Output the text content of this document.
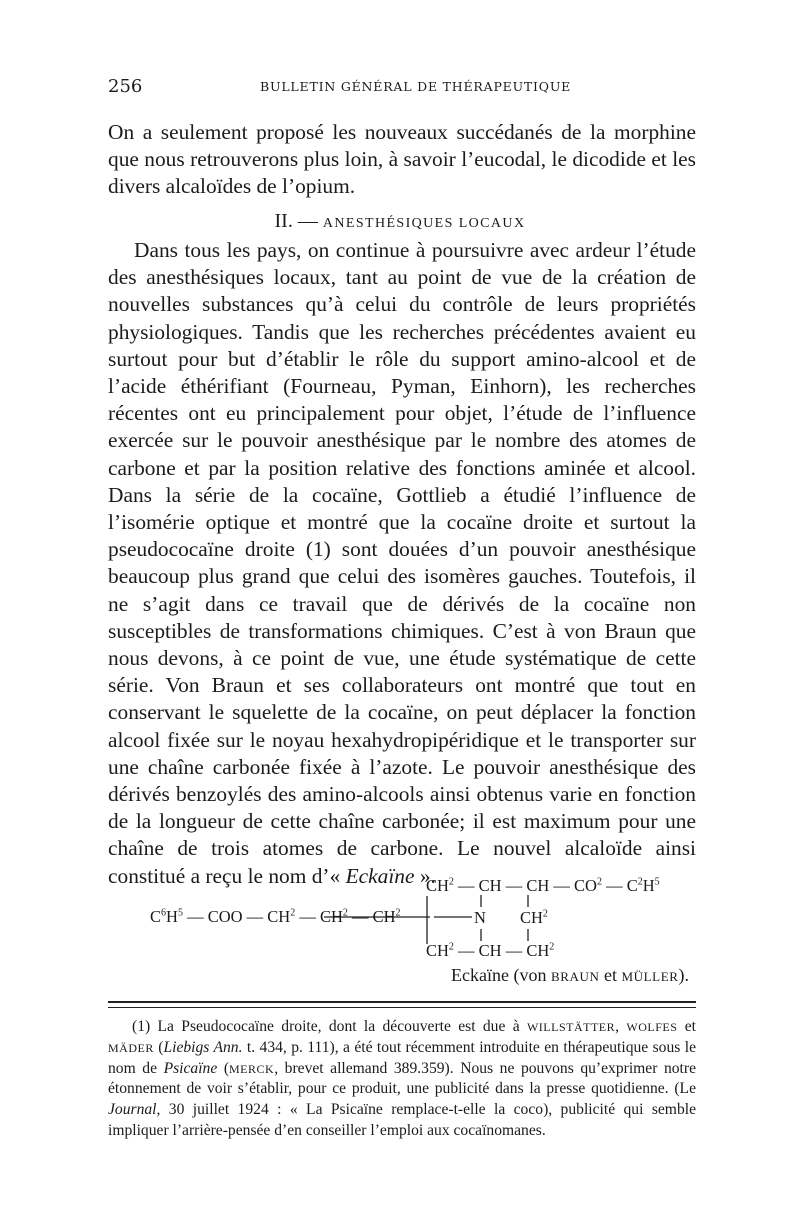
256	BULLETIN GÉNÉRAL DE THÉRAPEUTIQUE

On a seulement proposé les nouveaux succédanés de la morphine que nous retrouverons plus loin, à savoir l’eucodal, le dicodide et les divers alcaloïdes de l’opium.

II. — ANESTHÉSIQUES LOCAUX

Dans tous les pays, on continue à poursuivre avec ardeur l’étude des anesthésiques locaux, tant au point de vue de la création de nouvelles substances qu’à celui du contrôle de leurs propriétés physiologiques. Tandis que les recherches précédentes avaient eu surtout pour but d’établir le rôle du support amino-alcool et de l’acide éthérifiant (Fourneau, Pyman, Einhorn), les recherches récentes ont eu principalement pour objet, l’étude de l’influence exercée sur le pouvoir anesthésique par le nombre des atomes de carbone et par la position relative des fonctions aminée et alcool. Dans la série de la cocaïne, Gottlieb a étudié l’influence de l’isomérie optique et montré que la cocaïne droite et surtout la pseudococaïne droite (1) sont douées d’un pouvoir anesthésique beaucoup plus grand que celui des isomères gauches. Toutefois, il ne s’agit dans ce travail que de dérivés de la cocaïne non susceptibles de transformations chimiques. C’est à von Braun que nous devons, à ce point de vue, une étude systématique de cette série. Von Braun et ses collaborateurs ont montré que tout en conservant le squelette de la cocaïne, on peut déplacer la fonction alcool fixée sur le noyau hexahydropipéridique et le transporter sur une chaîne carbonée fixée à l’azote. Le pouvoir anesthésique des dérivés benzoylés des amino-alcools ainsi obtenus varie en fonction de la longueur de cette chaîne carbonée; il est maximum pour une chaîne de trois atomes de carbone. Le nouvel alcaloïde ainsi constitué a reçu le nom d’« Eckaïne ».

$CH^2$ — CH — CH — $CO^2$ — $C^2H^5$
$C^6H^5$ — COO — $CH^2$ — $CH^2$ — $CH^2$	N $CH^2$
$CH^2$ — CH — $CH^2$
Eckaïne (von BRAUN et MÜLLER).

(1) La Pseudococaïne droite, dont la découverte est due à WILLSTÄTTER, WOLFES et MÄDER (Liebigs Ann. t. 434, p. 111), a été tout récemment introduite en thérapeutique sous le nom de Psicaïne (MERCK, brevet allemand 389.359). Nous ne pouvons qu’exprimer notre étonnement de voir s’établir, pour ce produit, une publicité dans la presse quotidienne. (Le Journal, 30 juillet 1924 : « La Psicaïne remplace-t-elle la coco), publicité qui semble impliquer l’arrière-pensée d’en conseiller l’emploi aux cocaïnomanes.
